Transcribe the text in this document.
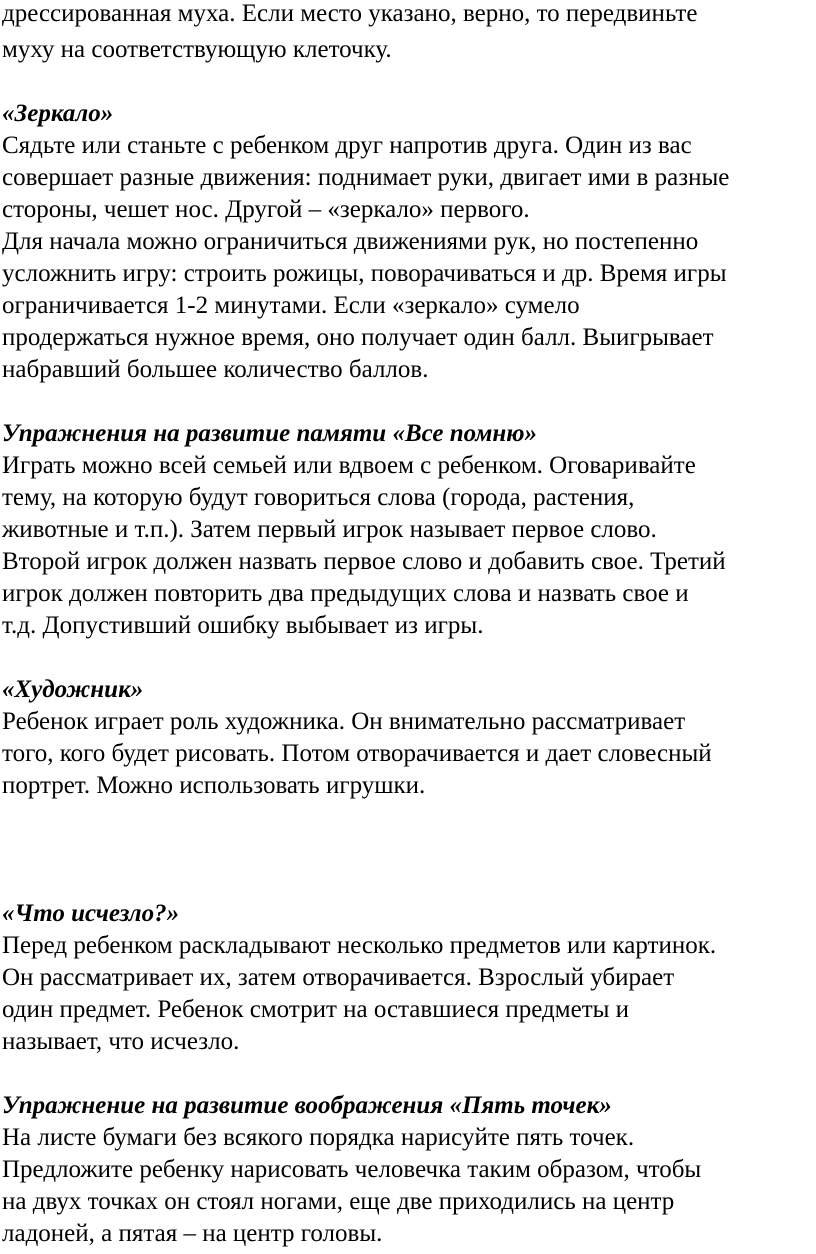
дрессированная муха. Если место указано, верно, то передвиньте
муху на соответствующую клеточку.
«Зеркало»
Сядьте или станьте с ребенком друг напротив друга. Один из вас
совершает разные движения: поднимает руки, двигает ими в разные
стороны, чешет нос. Другой – «зеркало» первого.
Для начала можно ограничиться движениями рук, но постепенно
усложнить игру: строить рожицы, поворачиваться и др. Время игры
ограничивается 1-2 минутами. Если «зеркало» сумело
продержаться нужное время, оно получает один балл. Выигрывает
набравший большее количество баллов.
Упражнения на развитие памяти «Все помню»
Играть можно всей семьей или вдвоем с ребенком. Оговаривайте
тему, на которую будут говориться слова (города, растения,
животные и т.п.). Затем первый игрок называет первое слово.
Второй игрок должен назвать первое слово и добавить свое. Третий
игрок должен повторить два предыдущих слова и назвать свое и
т.д. Допустивший ошибку выбывает из игры.
«Художник»
Ребенок играет роль художника. Он внимательно рассматривает
того, кого будет рисовать. Потом отворачивается и дает словесный
портрет. Можно использовать игрушки.
«Что исчезло?»
Перед ребенком раскладывают несколько предметов или картинок.
Он рассматривает их, затем отворачивается. Взрослый убирает
один предмет. Ребенок смотрит на оставшиеся предметы и
называет, что исчезло.
Упражнение на развитие воображения «Пять точек»
На листе бумаги без всякого порядка нарисуйте пять точек.
Предложите ребенку нарисовать человечка таким образом, чтобы
на двух точках он стоял ногами, еще две приходились на центр
ладоней, а пятая – на центр головы.
